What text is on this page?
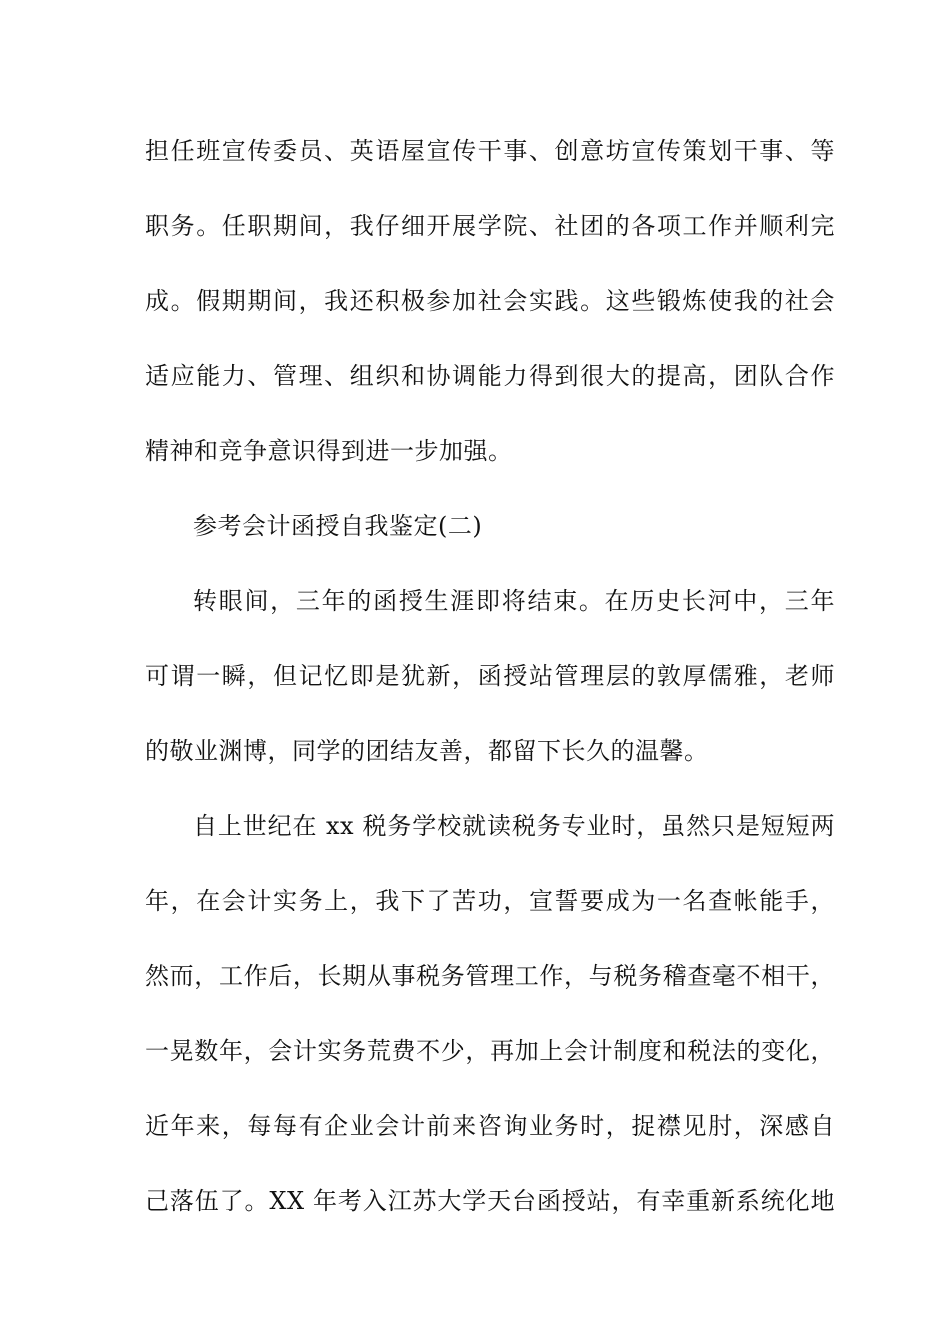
担任班宣传委员、英语屋宣传干事、创意坊宣传策划干事、等
职务。任职期间，我仔细开展学院、社团的各项工作并顺利完
成。假期期间，我还积极参加社会实践。这些锻炼使我的社会
适应能力、管理、组织和协调能力得到很大的提高，团队合作
精神和竞争意识得到进一步加强。
参考会计函授自我鉴定(二)
转眼间，三年的函授生涯即将结束。在历史长河中，三年
可谓一瞬，但记忆即是犹新，函授站管理层的敦厚儒雅，老师
的敬业渊博，同学的团结友善，都留下长久的温馨。
自上世纪在 xx 税务学校就读税务专业时，虽然只是短短两
年，在会计实务上，我下了苦功，宣誓要成为一名查帐能手，
然而，工作后，长期从事税务管理工作，与税务稽查毫不相干，
一晃数年，会计实务荒费不少，再加上会计制度和税法的变化，
近年来，每每有企业会计前来咨询业务时，捉襟见肘，深感自
己落伍了。XX 年考入江苏大学天台函授站，有幸重新系统化地
